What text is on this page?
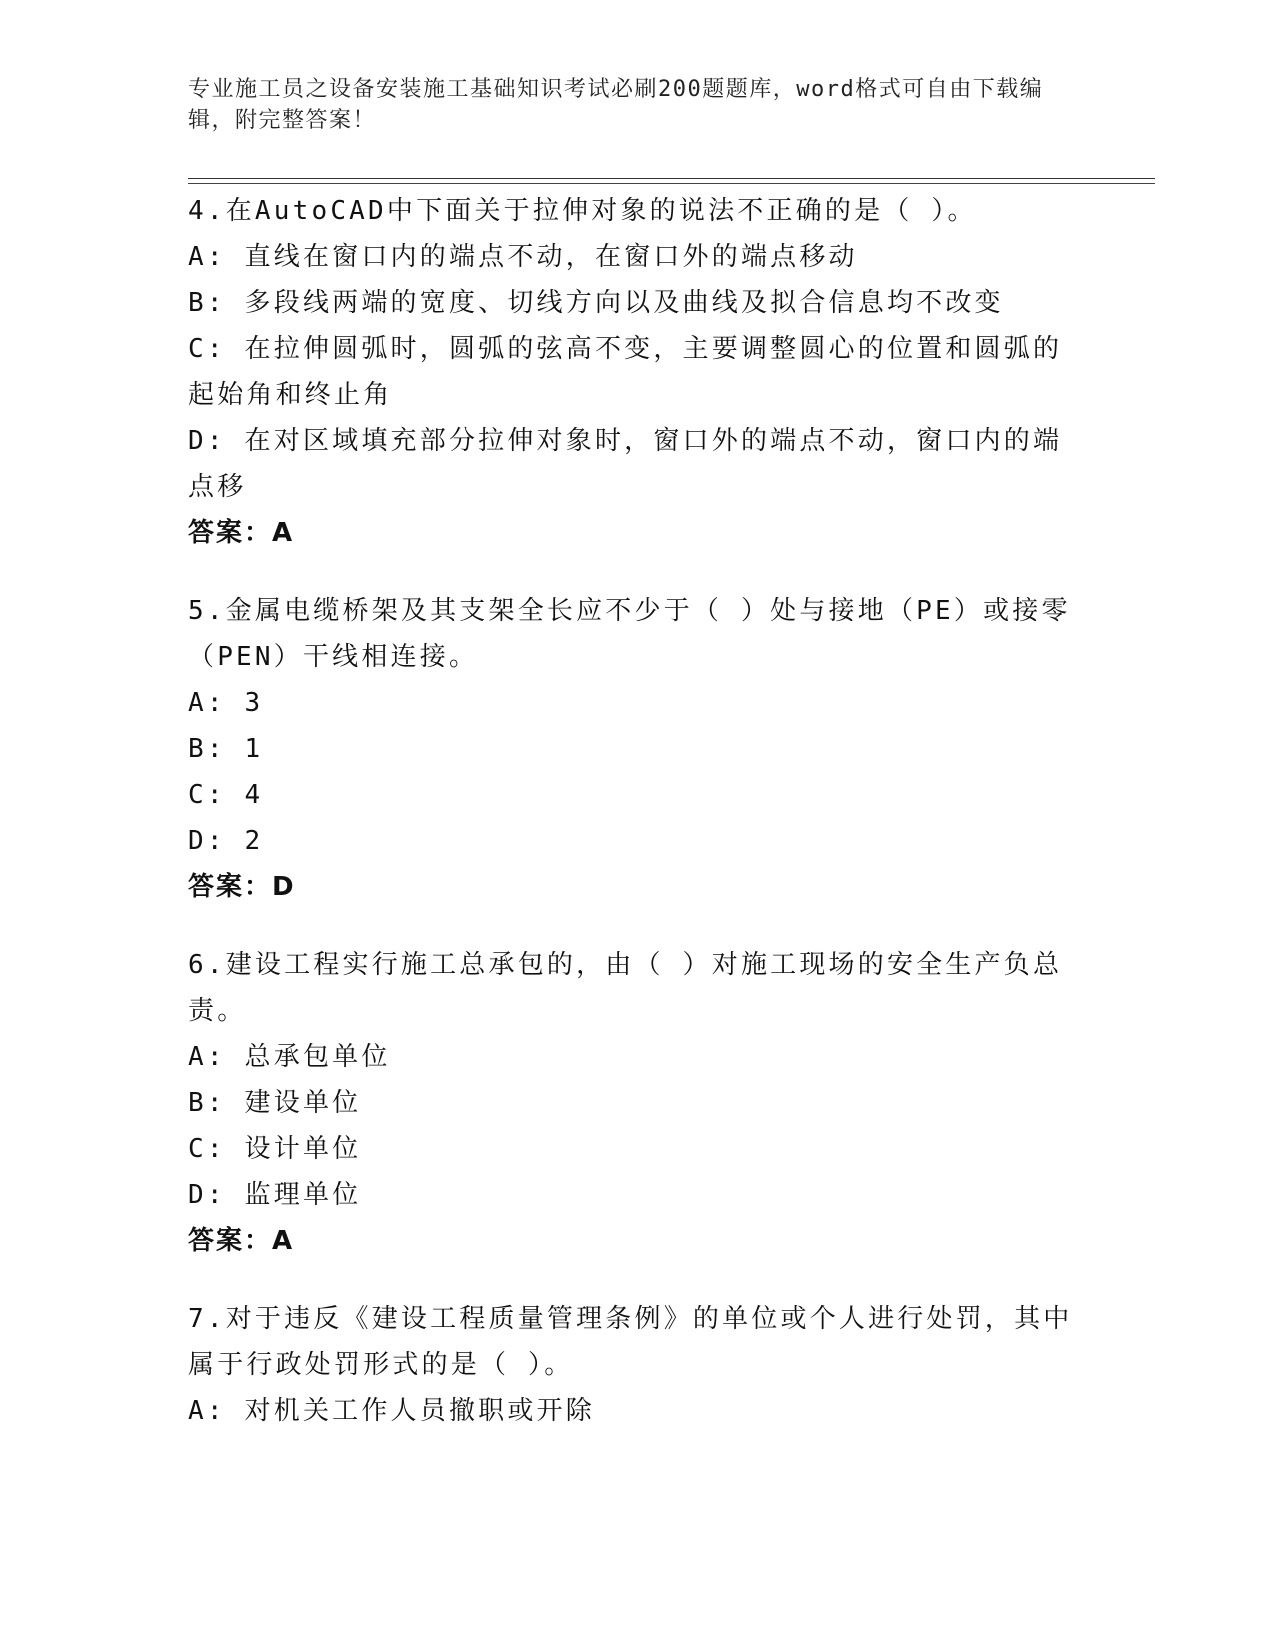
专业施工员之设备安装施工基础知识考试必刷200题题库，word格式可自由下载编辑，附完整答案！
4.在AutoCAD中下面关于拉伸对象的说法不正确的是（ ）。
A: 直线在窗口内的端点不动，在窗口外的端点移动
B: 多段线两端的宽度、切线方向以及曲线及拟合信息均不改变
C: 在拉伸圆弧时，圆弧的弦高不变，主要调整圆心的位置和圆弧的起始角和终止角
D: 在对区域填充部分拉伸对象时，窗口外的端点不动，窗口内的端点移
答案：A
5.金属电缆桥架及其支架全长应不少于（ ）处与接地（PE）或接零（PEN）干线相连接。
A: 3
B: 1
C: 4
D: 2
答案：D
6.建设工程实行施工总承包的，由（ ）对施工现场的安全生产负总责。
A: 总承包单位
B: 建设单位
C: 设计单位
D: 监理单位
答案：A
7.对于违反《建设工程质量管理条例》的单位或个人进行处罚，其中属于行政处罚形式的是（ ）。
A: 对机关工作人员撤职或开除
